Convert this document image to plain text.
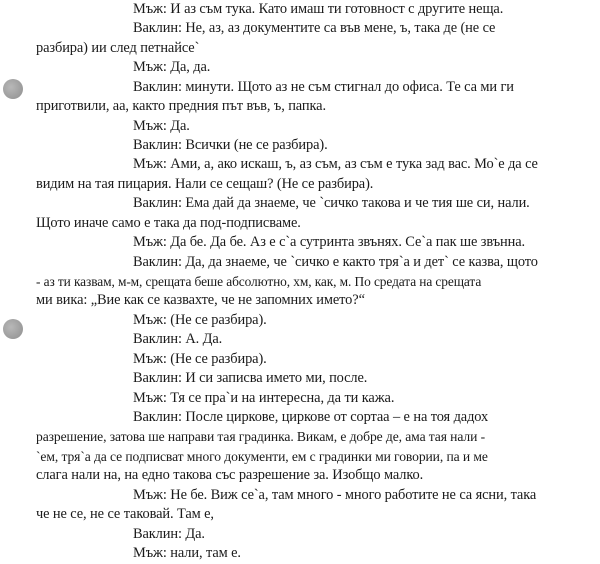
Мъж: И аз съм тука. Като имаш ти готовност с другите неща.
Ваклин: Не, аз, аз документите са във мене, ъ, така де (не се
разбира) ии след петнайсе`
Мъж: Да, да.
Ваклин: минути. Щото аз не съм стигнал до офиса. Те са ми ги
приготвили, аа, както предния път във, ъ, папка.
Мъж: Да.
Ваклин: Всички (не се разбира).
Мъж: Ами, а, ако искаш, ъ, аз съм, аз съм е тука зад вас. Мо`е да се
видим на тая пицария. Нали се сещаш? (Не се разбира).
Ваклин: Ема дай да знаеме, че `сичко такова и че тия ше си, нали.
Щото иначе само е така да под-подписваме.
Мъж: Да бе. Да бе. Аз е с`а сутринта звънях. Се`а пак ше звънна.
Ваклин: Да, да знаеме, че `сичко е както тря`а и дет` се казва, щото
- аз ти казвам, м-м, срещата беше абсолютно, хм, как, м. По средата на срещата
ми вика: „Вие как се казвахте, че не запомних името?“
Мъж: (Не се разбира).
Ваклин: А. Да.
Мъж: (Не се разбира).
Ваклин: И си записва името ми, после.
Мъж: Тя се пра`и на интересна, да ти кажа.
Ваклин: После циркове, циркове от сортаа – е на тоя дадох
разрешение, затова ше направи тая градинка. Викам, е добре де, ама тая нали -
`ем, тря`а да се подписват много документи, ем с градинки ми говории, па и ме
слага нали на, на едно такова със разрешение за. Изобщо малко.
Мъж: Не бе. Виж се`а, там много - много работите не са ясни, така
че не се, не се таковай. Там е,
Ваклин: Да.
Мъж: нали, там е.
